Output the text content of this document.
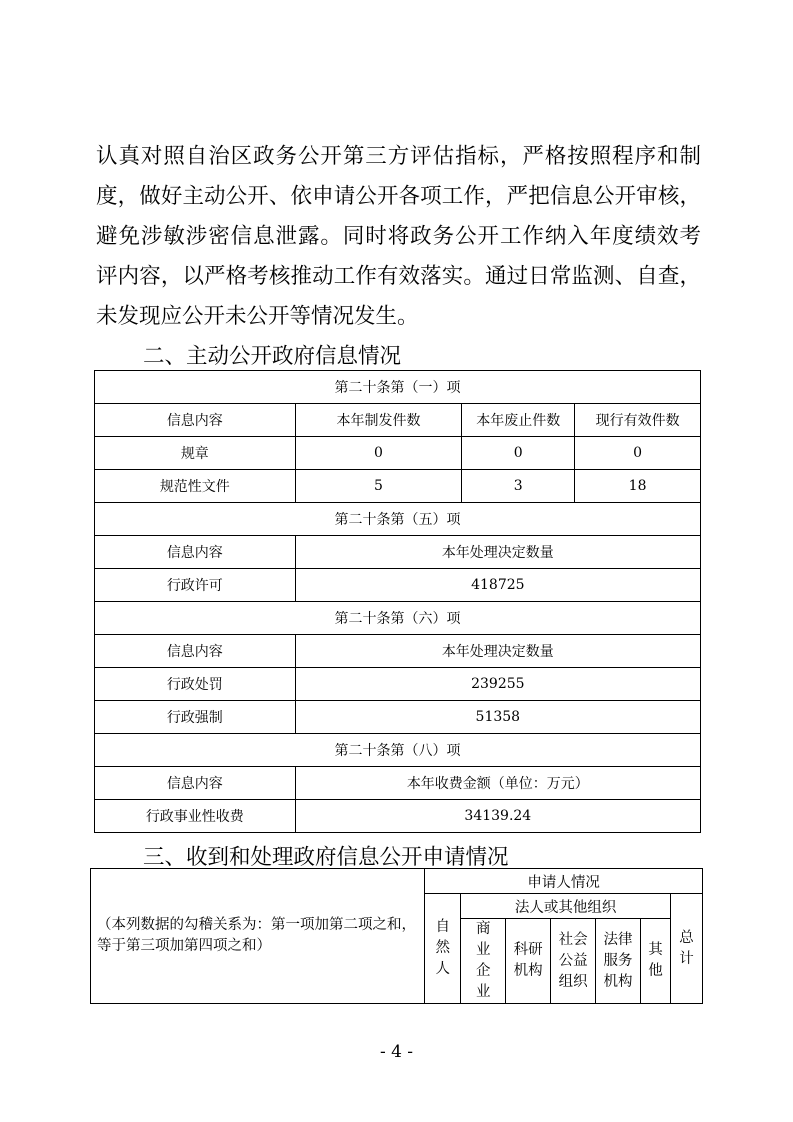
认真对照自治区政务公开第三方评估指标，严格按照程序和制
度，做好主动公开、依申请公开各项工作，严把信息公开审核，
避免涉敏涉密信息泄露。同时将政务公开工作纳入年度绩效考
评内容，以严格考核推动工作有效落实。通过日常监测、自查，
未发现应公开未公开等情况发生。
二、主动公开政府信息情况
第二十条第（一）项			
信息内容	本年制发件数	本年废止件数	现行有效件数
规章	0	0	0
规范性文件	5	3	18
第二十条第（五）项			
信息内容	本年处理决定数量		
行政许可	418725		
第二十条第（六）项			
信息内容	本年处理决定数量		
行政处罚	239255		
行政强制	51358		
第二十条第（八）项			
信息内容	本年收费金额（单位：万元）		
行政事业性收费	34139.24		
三、收到和处理政府信息公开申请情况
（本列数据的勾稽关系为：第一项加第二项之和，等于第三项加第四项之和）	申请人情况						
	自然人	法人或其他组织					总计
		商业企业	科研机构	社会公益组织	法律服务机构	其他	
- 4 -
